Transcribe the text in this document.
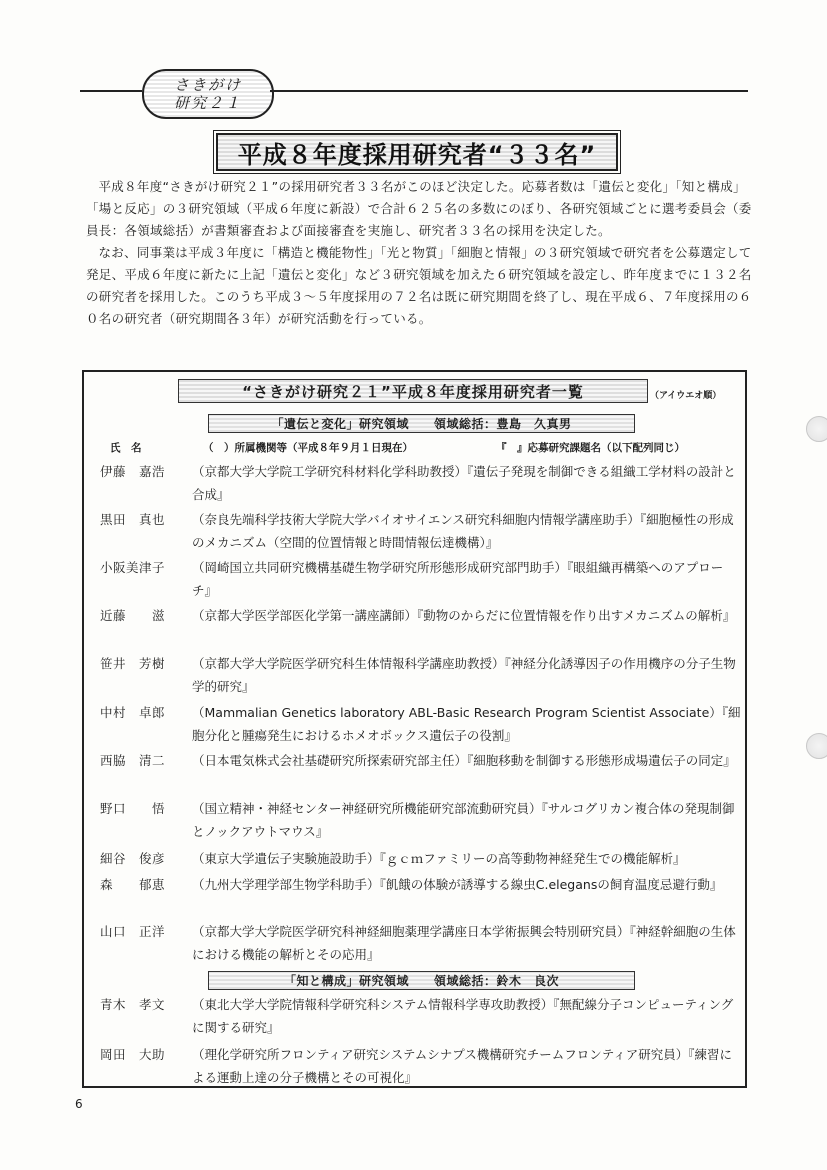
さきがけ
研究２１
平成８年度採用研究者“３３名”

平成８年度“さきがけ研究２１”の採用研究者３３名がこのほど決定した。応募者数は「遺伝と変化」「知と構成」「場と反応」の３研究領域（平成６年度に新設）で合計６２５名の多数にのぼり、各研究領域ごとに選考委員会（委員長：各領域総括）が書類審査および面接審査を実施し、研究者３３名の採用を決定した。

なお、同事業は平成３年度に「構造と機能物性」「光と物質」「細胞と情報」の３研究領域で研究者を公募選定して発足、平成６年度に新たに上記「遺伝と変化」など３研究領域を加えた６研究領域を設定し、昨年度までに１３２名の研究者を採用した。このうち平成３～５年度採用の７２名は既に研究期間を終了し、現在平成６、７年度採用の６０名の研究者（研究期間各３年）が研究活動を行っている。

“さきがけ研究２１”平成８年度採用研究者一覧	（アイウエオ順）
「遺伝と変化」研究領域　　領域総括：豊島　久真男
氏　名	（　）所属機関等（平成８年９月１日現在）	『　』応募研究課題名（以下配列同じ）
伊藤　嘉浩	（京都大学大学院工学研究科材料化学科助教授）『遺伝子発現を制御できる組織工学材料の設計と合成』
黒田　真也	（奈良先端科学技術大学院大学バイオサイエンス研究科細胞内情報学講座助手）『細胞極性の形成のメカニズム（空間的位置情報と時間情報伝達機構）』
小阪美津子	（岡崎国立共同研究機構基礎生物学研究所形態形成研究部門助手）『眼組織再構築へのアプローチ』
近藤　　滋	（京都大学医学部医化学第一講座講師）『動物のからだに位置情報を作り出すメカニズムの解析』
笹井　芳樹	（京都大学大学院医学研究科生体情報科学講座助教授）『神経分化誘導因子の作用機序の分子生物学的研究』
中村　卓郎	（Mammalian Genetics laboratory ABL-Basic Research Program Scientist Associate）『細胞分化と腫瘍発生におけるホメオボックス遺伝子の役割』
西脇　清二	（日本電気株式会社基礎研究所探索研究部主任）『細胞移動を制御する形態形成場遺伝子の同定』
野口　　悟	（国立精神・神経センター神経研究所機能研究部流動研究員）『サルコグリカン複合体の発現制御とノックアウトマウス』
細谷　俊彦	（東京大学遺伝子実験施設助手）『ｇｃｍファミリーの高等動物神経発生での機能解析』
森　　郁恵	（九州大学理学部生物学科助手）『飢餓の体験が誘導する線虫C.elegansの飼育温度忌避行動』
山口　正洋	（京都大学大学院医学研究科神経細胞薬理学講座日本学術振興会特別研究員）『神経幹細胞の生体における機能の解析とその応用』
「知と構成」研究領域　　領域総括：鈴木　良次
青木　孝文	（東北大学大学院情報科学研究科システム情報科学専攻助教授）『無配線分子コンピューティングに関する研究』
岡田　大助	（理化学研究所フロンティア研究システムシナプス機構研究チームフロンティア研究員）『練習による運動上達の分子機構とその可視化』
6
